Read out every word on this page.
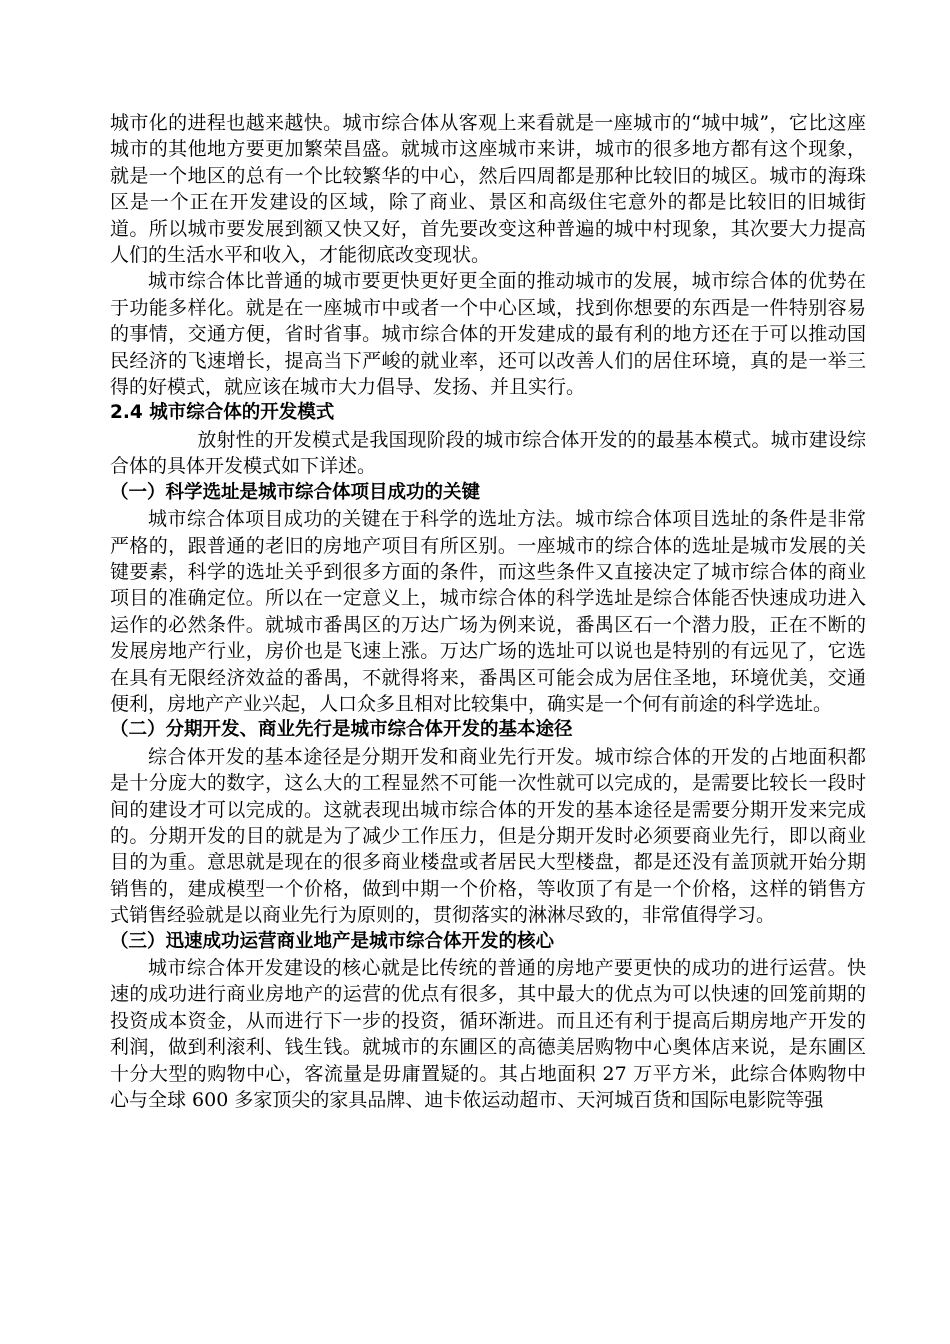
城市化的进程也越来越快。城市综合体从客观上来看就是一座城市的“城中城”，它比这座城市的其他地方要更加繁荣昌盛。就城市这座城市来讲，城市的很多地方都有这个现象，就是一个地区的总有一个比较繁华的中心，然后四周都是那种比较旧的城区。城市的海珠区是一个正在开发建设的区域，除了商业、景区和高级住宅意外的都是比较旧的旧城街道。所以城市要发展到额又快又好，首先要改变这种普遍的城中村现象，其次要大力提高人们的生活水平和收入，才能彻底改变现状。

城市综合体比普通的城市要更快更好更全面的推动城市的发展，城市综合体的优势在于功能多样化。就是在一座城市中或者一个中心区域，找到你想要的东西是一件特别容易的事情，交通方便，省时省事。城市综合体的开发建成的最有利的地方还在于可以推动国民经济的飞速增长，提高当下严峻的就业率，还可以改善人们的居住环境，真的是一举三得的好模式，就应该在城市大力倡导、发扬、并且实行。

2.4 城市综合体的开发模式

放射性的开发模式是我国现阶段的城市综合体开发的的最基本模式。城市建设综合体的具体开发模式如下详述。

（一）科学选址是城市综合体项目成功的关键

城市综合体项目成功的关键在于科学的选址方法。城市综合体项目选址的条件是非常严格的，跟普通的老旧的房地产项目有所区别。一座城市的综合体的选址是城市发展的关键要素，科学的选址关乎到很多方面的条件，而这些条件又直接决定了城市综合体的商业项目的准确定位。所以在一定意义上，城市综合体的科学选址是综合体能否快速成功进入运作的必然条件。就城市番禺区的万达广场为例来说，番禺区石一个潜力股，正在不断的发展房地产行业，房价也是飞速上涨。万达广场的选址可以说也是特别的有远见了，它选在具有无限经济效益的番禺，不就得将来，番禺区可能会成为居住圣地，环境优美，交通便利，房地产产业兴起，人口众多且相对比较集中，确实是一个何有前途的科学选址。

（二）分期开发、商业先行是城市综合体开发的基本途径

综合体开发的基本途径是分期开发和商业先行开发。城市综合体的开发的占地面积都是十分庞大的数字，这么大的工程显然不可能一次性就可以完成的，是需要比较长一段时间的建设才可以完成的。这就表现出城市综合体的开发的基本途径是需要分期开发来完成的。分期开发的目的就是为了减少工作压力，但是分期开发时必须要商业先行，即以商业目的为重。意思就是现在的很多商业楼盘或者居民大型楼盘，都是还没有盖顶就开始分期销售的，建成模型一个价格，做到中期一个价格，等收顶了有是一个价格，这样的销售方式销售经验就是以商业先行为原则的，贯彻落实的淋淋尽致的，非常值得学习。

（三）迅速成功运营商业地产是城市综合体开发的核心

城市综合体开发建设的核心就是比传统的普通的房地产要更快的成功的进行运营。快速的成功进行商业房地产的运营的优点有很多，其中最大的优点为可以快速的回笼前期的投资成本资金，从而进行下一步的投资，循环渐进。而且还有利于提高后期房地产开发的利润，做到利滚利、钱生钱。就城市的东圃区的高德美居购物中心奥体店来说，是东圃区十分大型的购物中心，客流量是毋庸置疑的。其占地面积 27 万平方米，此综合体购物中心与全球 600 多家顶尖的家具品牌、迪卡侬运动超市、天河城百货和国际电影院等强
